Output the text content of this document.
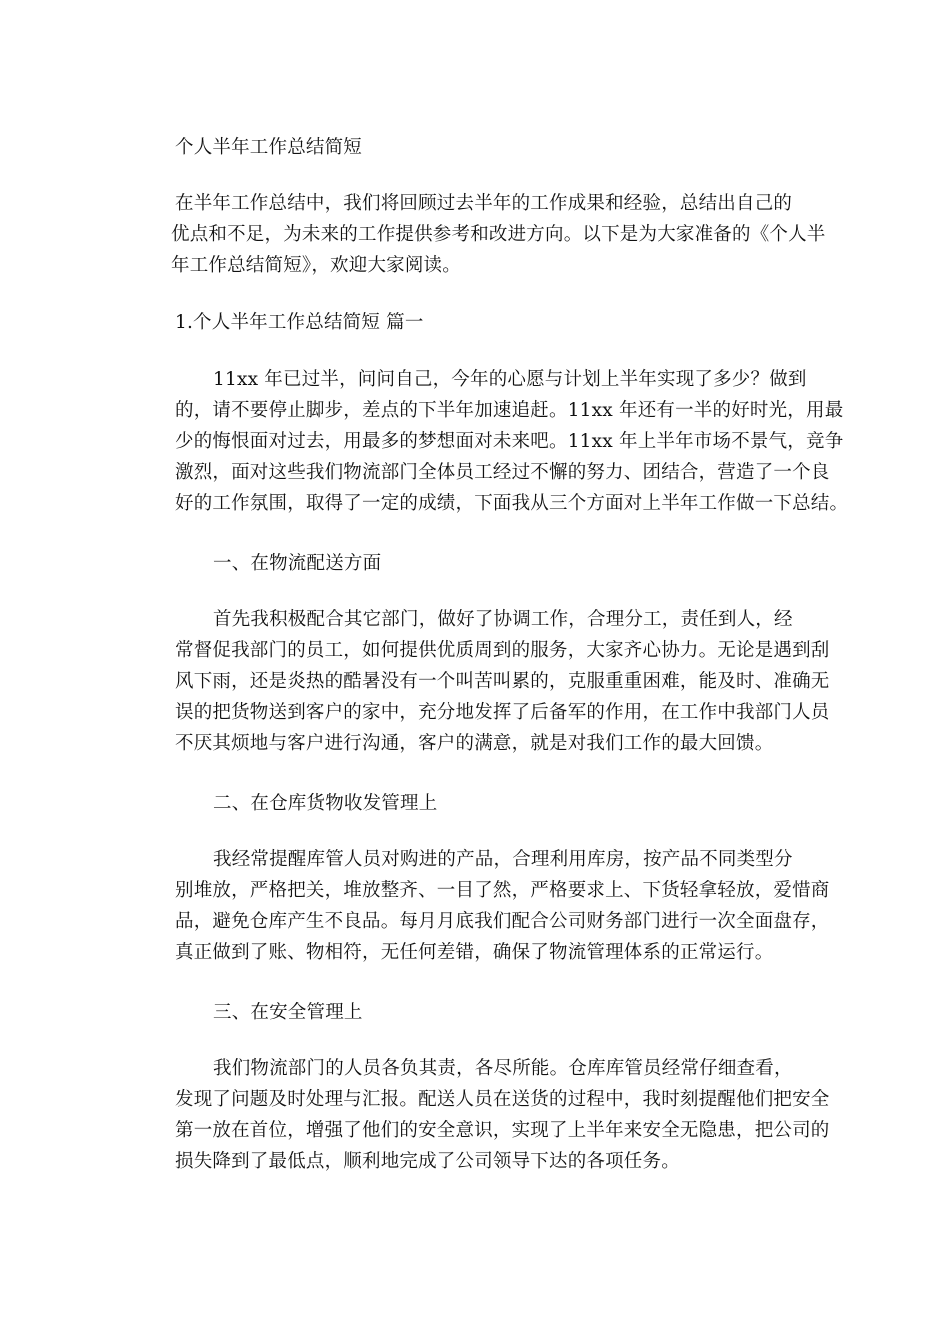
个人半年工作总结简短
在半年工作总结中，我们将回顾过去半年的工作成果和经验，总结出自己的
优点和不足，为未来的工作提供参考和改进方向。以下是为大家准备的《个人半
年工作总结简短》，欢迎大家阅读。
1.个人半年工作总结简短 篇一
11xx 年已过半，问问自己，今年的心愿与计划上半年实现了多少？做到
的，请不要停止脚步，差点的下半年加速追赶。11xx 年还有一半的好时光，用最
少的悔恨面对过去，用最多的梦想面对未来吧。11xx 年上半年市场不景气，竞争
激烈，面对这些我们物流部门全体员工经过不懈的努力、团结合，营造了一个良
好的工作氛围，取得了一定的成绩，下面我从三个方面对上半年工作做一下总结。
一、在物流配送方面
首先我积极配合其它部门，做好了协调工作，合理分工，责任到人，经
常督促我部门的员工，如何提供优质周到的服务，大家齐心协力。无论是遇到刮
风下雨，还是炎热的酷暑没有一个叫苦叫累的，克服重重困难，能及时、准确无
误的把货物送到客户的家中，充分地发挥了后备军的作用，在工作中我部门人员
不厌其烦地与客户进行沟通，客户的满意，就是对我们工作的最大回馈。
二、在仓库货物收发管理上
我经常提醒库管人员对购进的产品，合理利用库房，按产品不同类型分
别堆放，严格把关，堆放整齐、一目了然，严格要求上、下货轻拿轻放，爱惜商
品，避免仓库产生不良品。每月月底我们配合公司财务部门进行一次全面盘存，
真正做到了账、物相符，无任何差错，确保了物流管理体系的正常运行。
三、在安全管理上
我们物流部门的人员各负其责，各尽所能。仓库库管员经常仔细查看，
发现了问题及时处理与汇报。配送人员在送货的过程中，我时刻提醒他们把安全
第一放在首位，增强了他们的安全意识，实现了上半年来安全无隐患，把公司的
损失降到了最低点，顺利地完成了公司领导下达的各项任务。
